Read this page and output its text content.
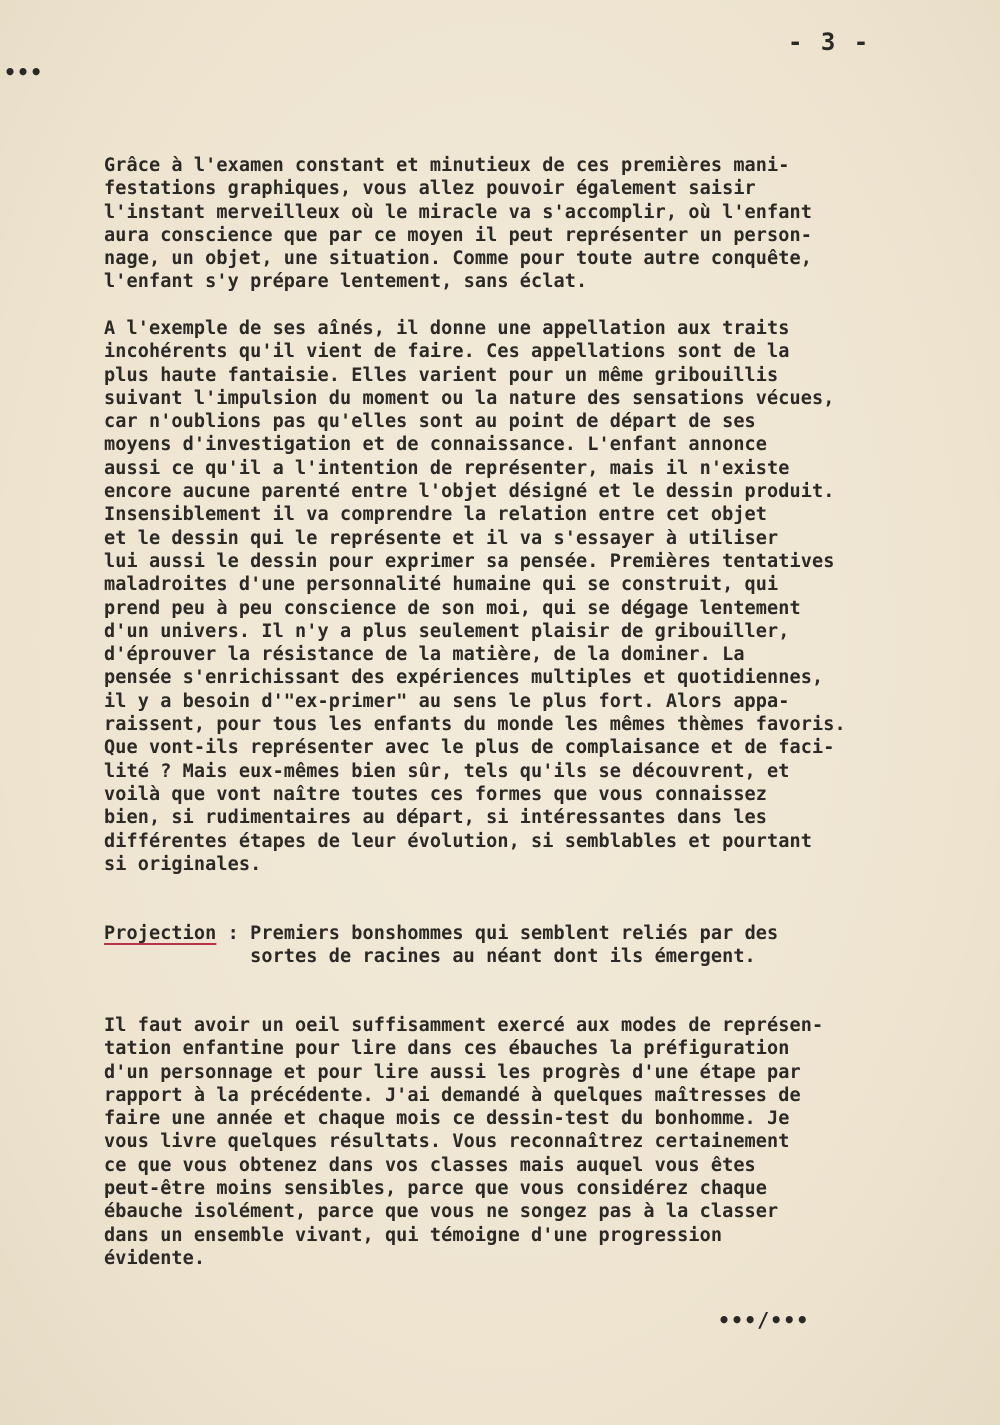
- 3 -
•••

Grâce à l'examen constant et minutieux de ces premières mani-
festations graphiques, vous allez pouvoir également saisir
l'instant merveilleux où le miracle va s'accomplir, où l'enfant
aura conscience que par ce moyen il peut représenter un person-
nage, un objet, une situation. Comme pour toute autre conquête,
l'enfant s'y prépare lentement, sans éclat.

A l'exemple de ses aînés, il donne une appellation aux traits
incohérents qu'il vient de faire. Ces appellations sont de la
plus haute fantaisie. Elles varient pour un même gribouillis
suivant l'impulsion du moment ou la nature des sensations vécues,
car n'oublions pas qu'elles sont au point de départ de ses
moyens d'investigation et de connaissance. L'enfant annonce
aussi ce qu'il a l'intention de représenter, mais il n'existe
encore aucune parenté entre l'objet désigné et le dessin produit.
Insensiblement il va comprendre la relation entre cet objet
et le dessin qui le représente et il va s'essayer à utiliser
lui aussi le dessin pour exprimer sa pensée. Premières tentatives
maladroites d'une personnalité humaine qui se construit, qui
prend peu à peu conscience de son moi, qui se dégage lentement
d'un univers. Il n'y a plus seulement plaisir de gribouiller,
d'éprouver la résistance de la matière, de la dominer. La
pensée s'enrichissant des expériences multiples et quotidiennes,
il y a besoin d'"ex-primer" au sens le plus fort. Alors appa-
raissent, pour tous les enfants du monde les mêmes thèmes favoris.
Que vont-ils représenter avec le plus de complaisance et de faci-
lité ? Mais eux-mêmes bien sûr, tels qu'ils se découvrent, et
voilà que vont naître toutes ces formes que vous connaissez
bien, si rudimentaires au départ, si intéressantes dans les
différentes étapes de leur évolution, si semblables et pourtant
si originales.

Projection : Premiers bonshommes qui semblent reliés par des
sortes de racines au néant dont ils émergent.

Il faut avoir un oeil suffisamment exercé aux modes de représen-
tation enfantine pour lire dans ces ébauches la préfiguration
d'un personnage et pour lire aussi les progrès d'une étape par
rapport à la précédente. J'ai demandé à quelques maîtresses de
faire une année et chaque mois ce dessin-test du bonhomme. Je
vous livre quelques résultats. Vous reconnaîtrez certainement
ce que vous obtenez dans vos classes mais auquel vous êtes
peut-être moins sensibles, parce que vous considérez chaque
ébauche isolément, parce que vous ne songez pas à la classer
dans un ensemble vivant, qui témoigne d'une progression
évidente.

•••/•••
